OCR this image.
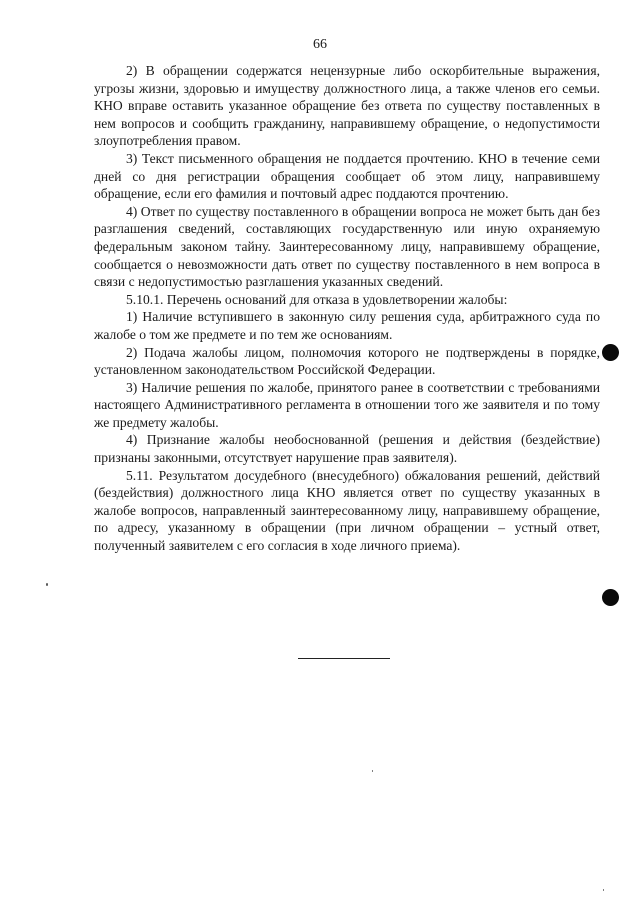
66

2) В обращении содержатся нецензурные либо оскорбительные выражения, угрозы жизни, здоровью и имуществу должностного лица, а также членов его семьи. КНО вправе оставить указанное обращение без ответа по существу поставленных в нем вопросов и сообщить гражданину, направившему обращение, о недопустимости злоупотребления правом.

3) Текст письменного обращения не поддается прочтению. КНО в течение семи дней со дня регистрации обращения сообщает об этом лицу, направившему обращение, если его фамилия и почтовый адрес поддаются прочтению.

4) Ответ по существу поставленного в обращении вопроса не может быть дан без разглашения сведений, составляющих государственную или иную охраняемую федеральным законом тайну. Заинтересованному лицу, направившему обращение, сообщается о невозможности дать ответ по существу поставленного в нем вопроса в связи с недопустимостью разглашения указанных сведений.

5.10.1. Перечень оснований для отказа в удовлетворении жалобы:

1) Наличие вступившего в законную силу решения суда, арбитражного суда по жалобе о том же предмете и по тем же основаниям.

2) Подача жалобы лицом, полномочия которого не подтверждены в порядке, установленном законодательством Российской Федерации.

3) Наличие решения по жалобе, принятого ранее в соответствии с требованиями настоящего Административного регламента в отношении того же заявителя и по тому же предмету жалобы.

4) Признание жалобы необоснованной (решения и действия (бездействие) признаны законными, отсутствует нарушение прав заявителя).

5.11. Результатом досудебного (внесудебного) обжалования решений, действий (бездействия) должностного лица КНО является ответ по существу указанных в жалобе вопросов, направленный заинтересованному лицу, направившему обращение, по адресу, указанному в обращении (при личном обращении – устный ответ, полученный заявителем с его согласия в ходе личного приема).
